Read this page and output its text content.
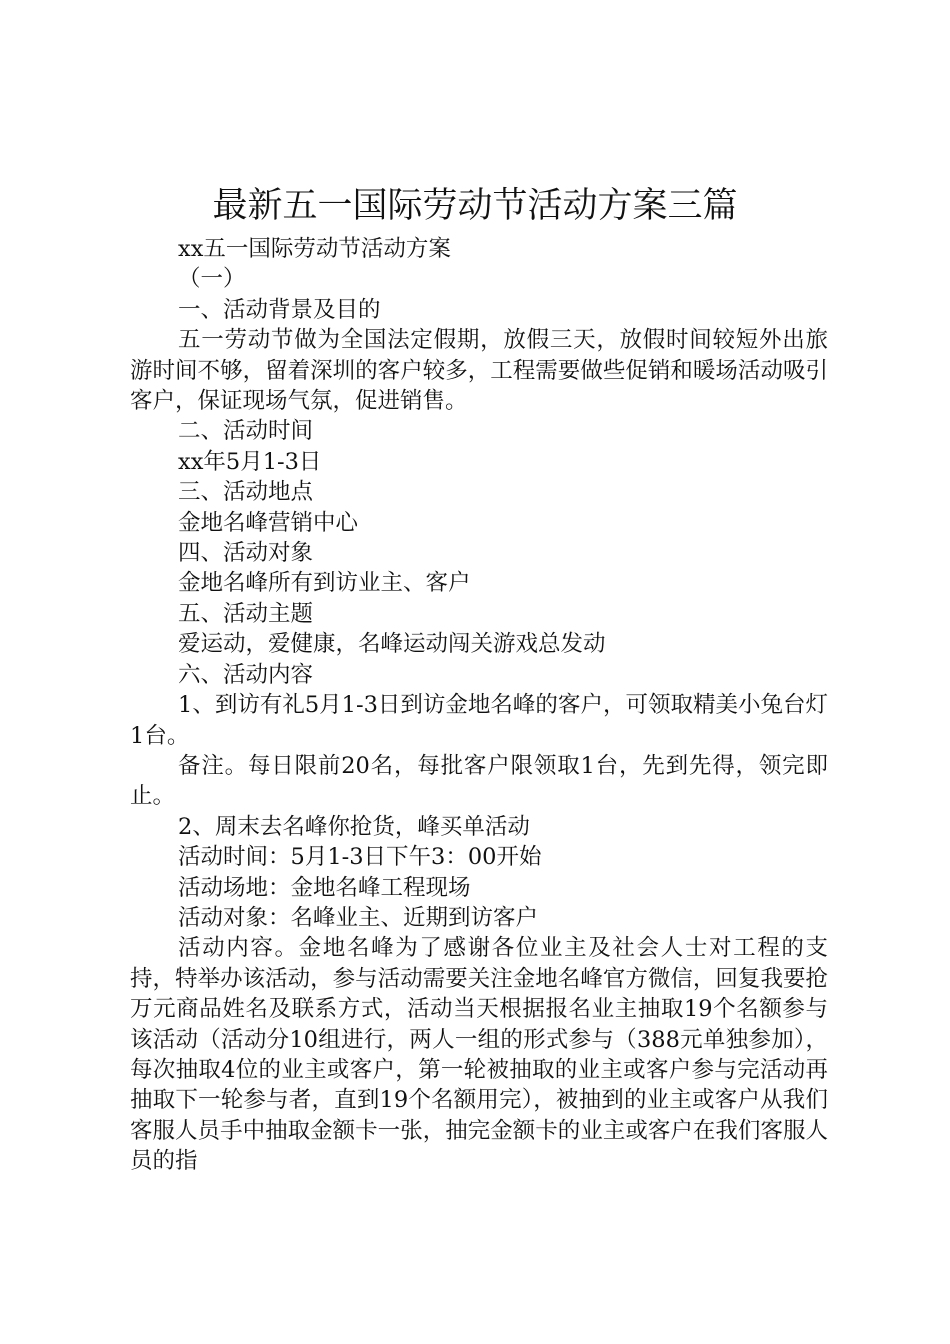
最新五一国际劳动节活动方案三篇

xx五一国际劳动节活动方案

（一）

一、活动背景及目的

五一劳动节做为全国法定假期，放假三天，放假时间较短外出旅游时间不够，留着深圳的客户较多，工程需要做些促销和暖场活动吸引客户，保证现场气氛，促进销售。

二、活动时间

xx年5月1-3日

三、活动地点

金地名峰营销中心

四、活动对象

金地名峰所有到访业主、客户

五、活动主题

爱运动，爱健康，名峰运动闯关游戏总发动

六、活动内容

1、到访有礼5月1-3日到访金地名峰的客户，可领取精美小兔台灯1台。

备注。每日限前20名，每批客户限领取1台，先到先得，领完即止。

2、周末去名峰你抢货，峰买单活动

活动时间：5月1-3日下午3：00开始

活动场地：金地名峰工程现场

活动对象：名峰业主、近期到访客户

活动内容。金地名峰为了感谢各位业主及社会人士对工程的支持，特举办该活动，参与活动需要关注金地名峰官方微信，回复我要抢万元商品姓名及联系方式，活动当天根据报名业主抽取19个名额参与该活动（活动分10组进行，两人一组的形式参与（388元单独参加），每次抽取4位的业主或客户，第一轮被抽取的业主或客户参与完活动再抽取下一轮参与者，直到19个名额用完），被抽到的业主或客户从我们客服人员手中抽取金额卡一张，抽完金额卡的业主或客户在我们客服人员的指
